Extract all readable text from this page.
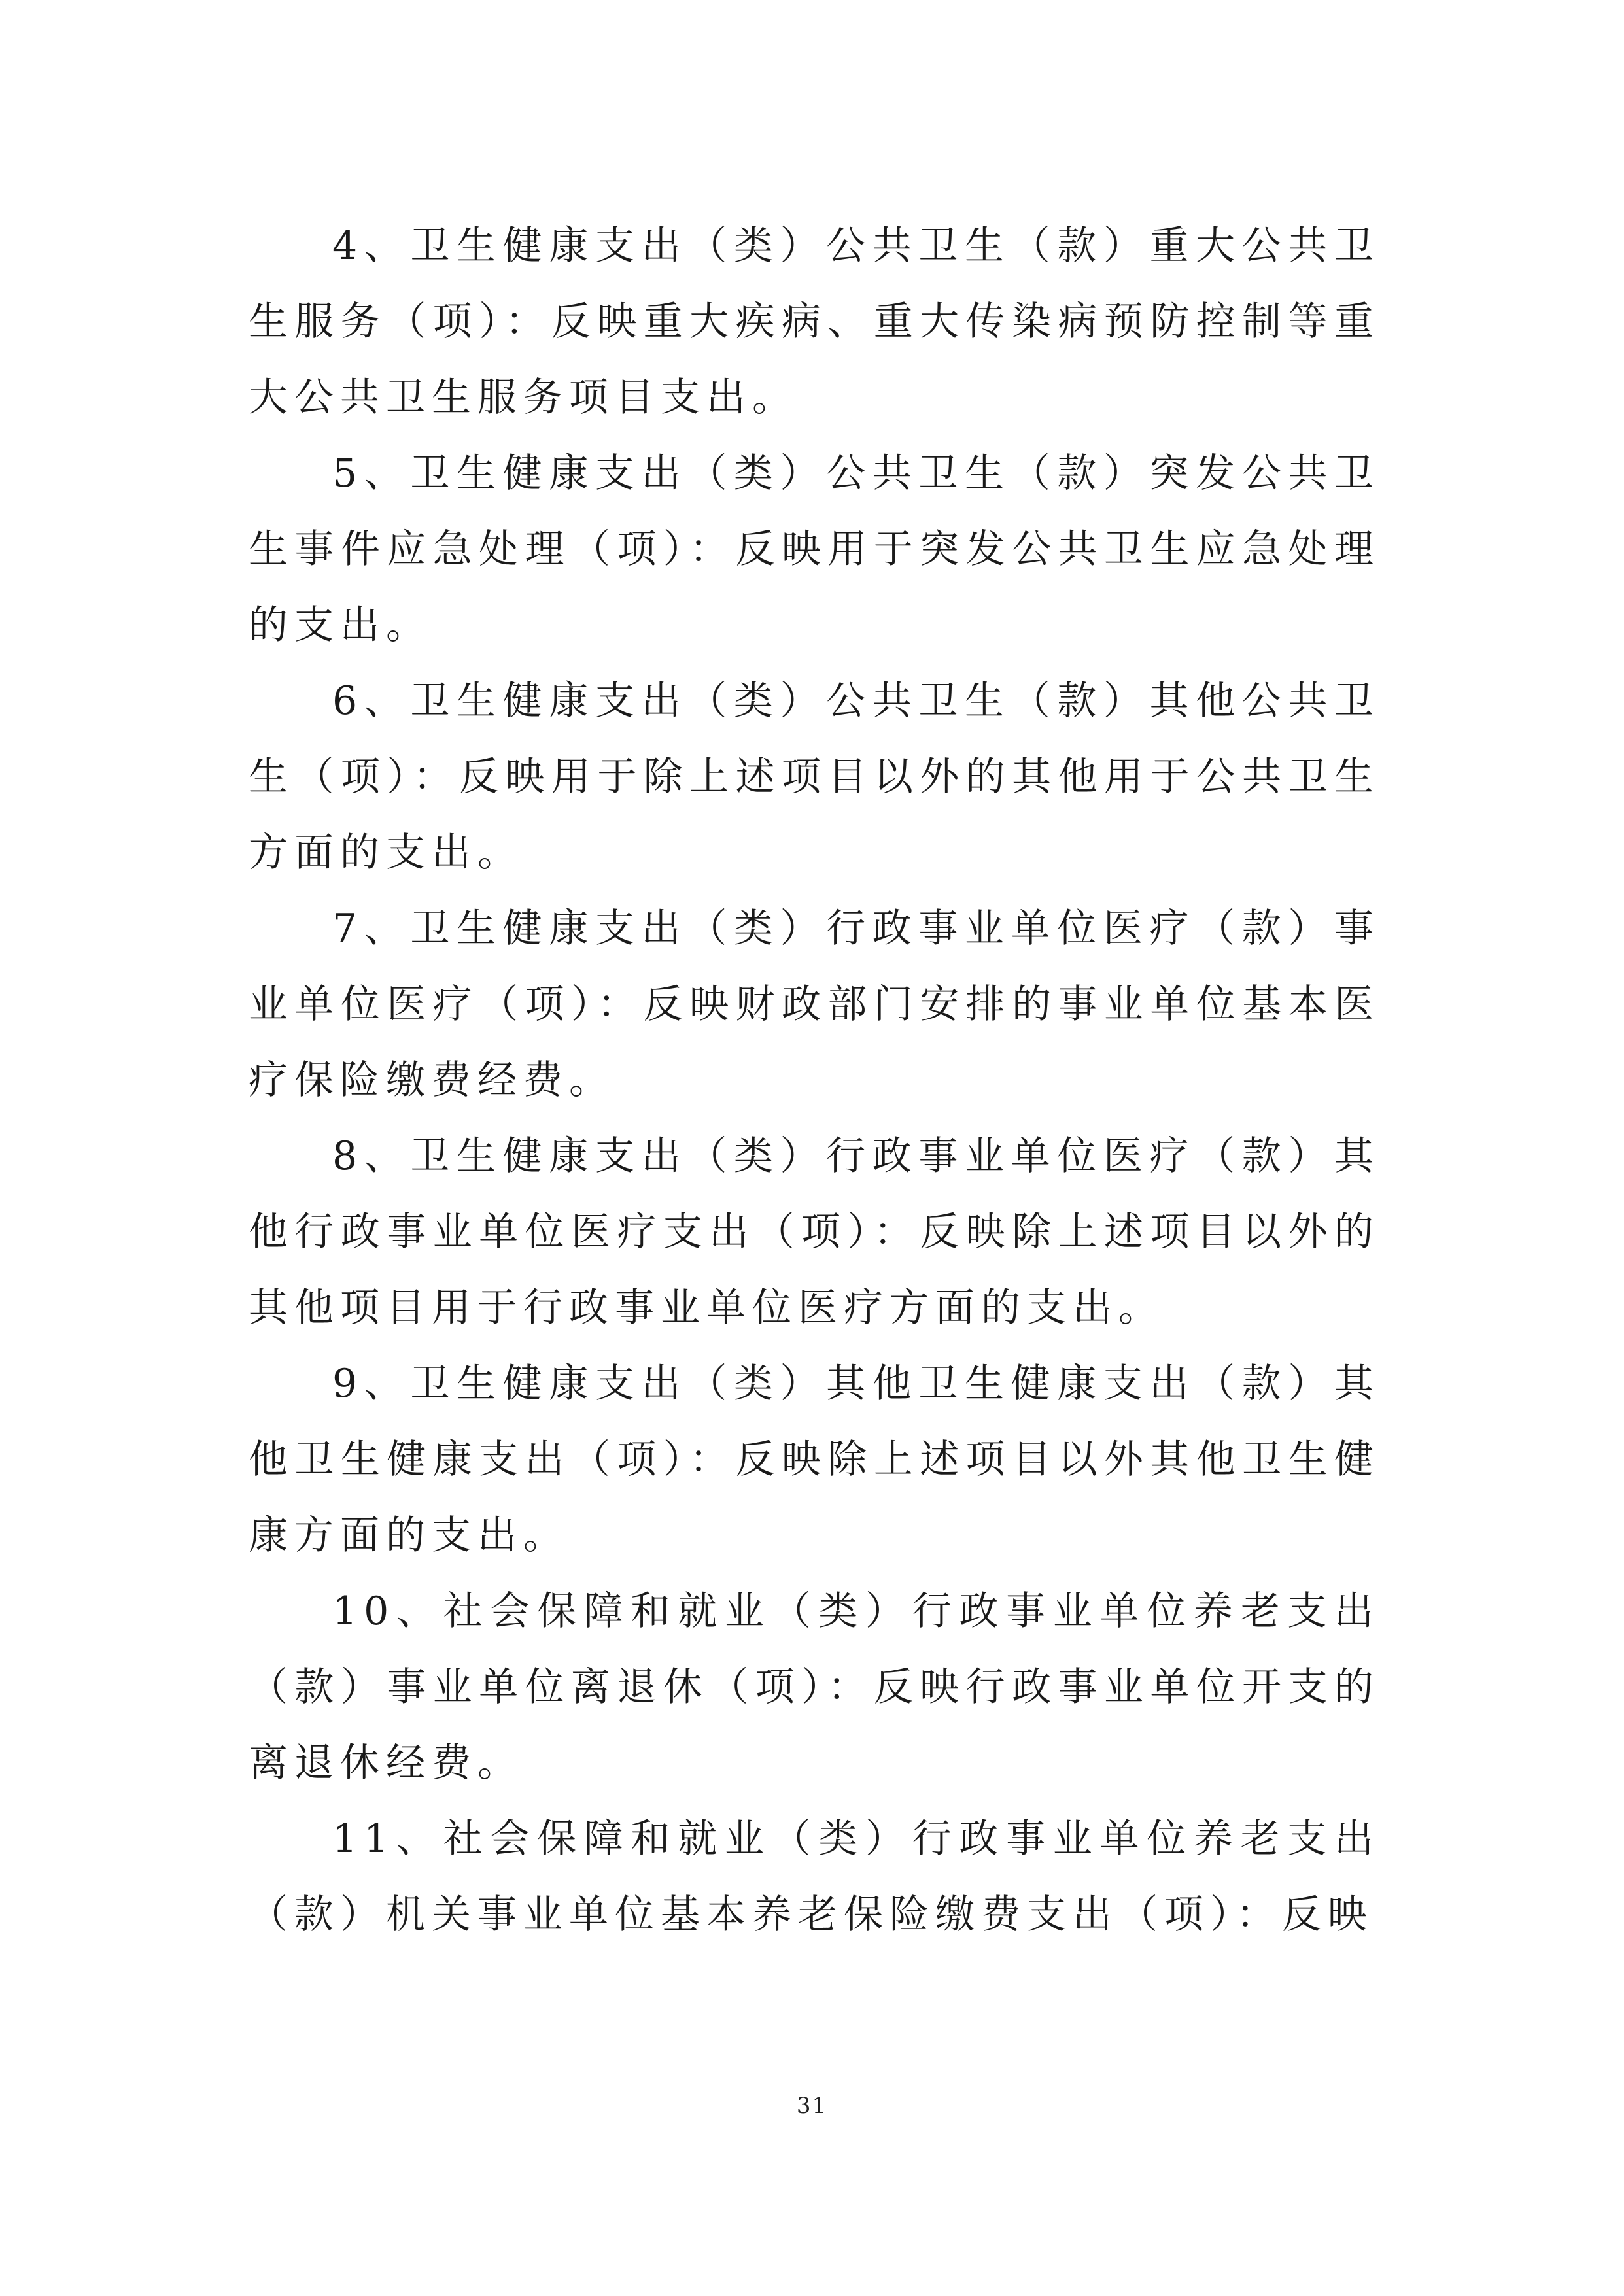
4、卫生健康支出（类）公共卫生（款）重大公共卫生服务（项）：反映重大疾病、重大传染病预防控制等重大公共卫生服务项目支出。

5、卫生健康支出（类）公共卫生（款）突发公共卫生事件应急处理（项）：反映用于突发公共卫生应急处理的支出。

6、卫生健康支出（类）公共卫生（款）其他公共卫生（项）：反映用于除上述项目以外的其他用于公共卫生方面的支出。

7、卫生健康支出（类）行政事业单位医疗（款）事业单位医疗（项）：反映财政部门安排的事业单位基本医疗保险缴费经费。

8、卫生健康支出（类）行政事业单位医疗（款）其他行政事业单位医疗支出（项）：反映除上述项目以外的其他项目用于行政事业单位医疗方面的支出。

9、卫生健康支出（类）其他卫生健康支出（款）其他卫生健康支出（项）：反映除上述项目以外其他卫生健康方面的支出。

10、社会保障和就业（类）行政事业单位养老支出（款）事业单位离退休（项）：反映行政事业单位开支的离退休经费。

11、社会保障和就业（类）行政事业单位养老支出（款）机关事业单位基本养老保险缴费支出（项）：反映

31
